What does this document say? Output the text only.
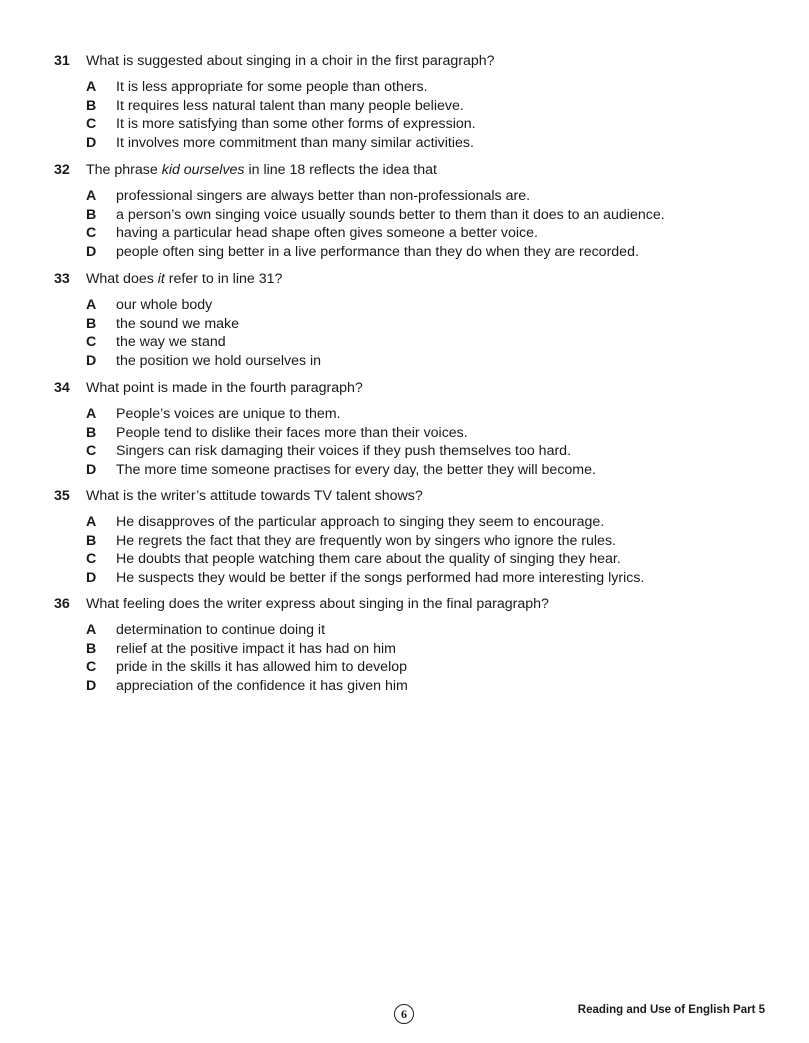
31	What is suggested about singing in a choir in the first paragraph?
A	It is less appropriate for some people than others.
B	It requires less natural talent than many people believe.
C	It is more satisfying than some other forms of expression.
D	It involves more commitment than many similar activities.
32	The phrase kid ourselves in line 18 reflects the idea that
A	professional singers are always better than non-professionals are.
B	a person’s own singing voice usually sounds better to them than it does to an audience.
C	having a particular head shape often gives someone a better voice.
D	people often sing better in a live performance than they do when they are recorded.
33	What does it refer to in line 31?
A	our whole body
B	the sound we make
C	the way we stand
D	the position we hold ourselves in
34	What point is made in the fourth paragraph?
A	People’s voices are unique to them.
B	People tend to dislike their faces more than their voices.
C	Singers can risk damaging their voices if they push themselves too hard.
D	The more time someone practises for every day, the better they will become.
35	What is the writer’s attitude towards TV talent shows?
A	He disapproves of the particular approach to singing they seem to encourage.
B	He regrets the fact that they are frequently won by singers who ignore the rules.
C	He doubts that people watching them care about the quality of singing they hear.
D	He suspects they would be better if the songs performed had more interesting lyrics.
36	What feeling does the writer express about singing in the final paragraph?
A	determination to continue doing it
B	relief at the positive impact it has had on him
C	pride in the skills it has allowed him to develop
D	appreciation of the confidence it has given him
6	Reading and Use of English Part 5
